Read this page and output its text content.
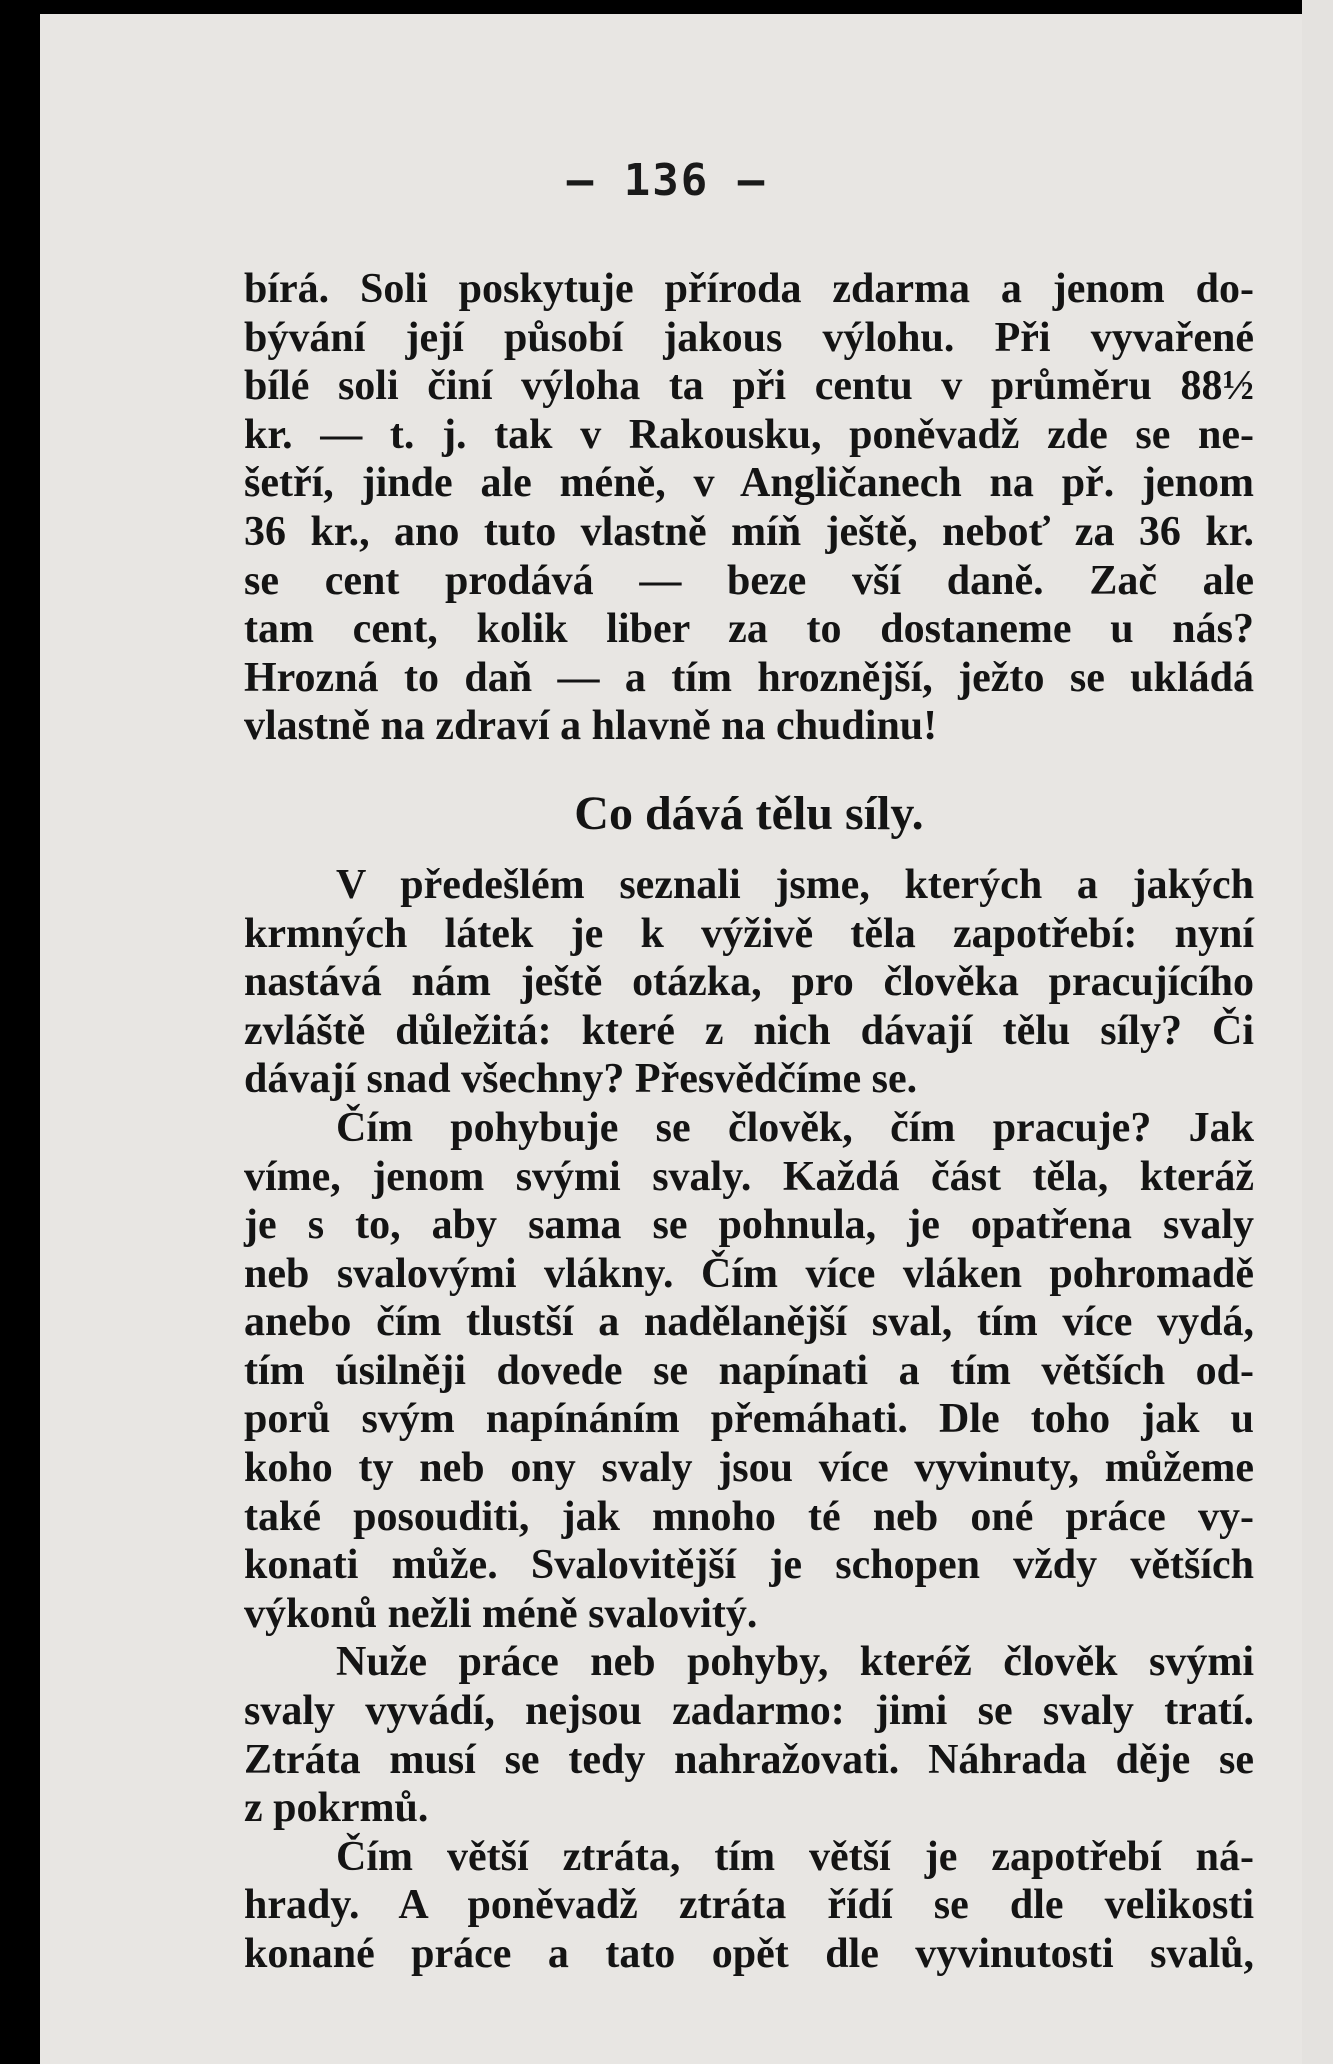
— 136 —
bírá. Soli poskytuje příroda zdarma a jenom do-
bývání její působí jakous výlohu. Při vyvařené
bílé soli činí výloha ta při centu v průměru 88½
kr. — t. j. tak v Rakousku, poněvadž zde se ne-
šetří, jinde ale méně, v Angličanech na př. jenom
36 kr., ano tuto vlastně míň ještě, neboť za 36 kr.
se cent prodává — beze vší daně. Zač ale
tam cent, kolik liber za to dostaneme u nás?
Hrozná to daň — a tím hroznější, ježto se ukládá
vlastně na zdraví a hlavně na chudinu!
Co dává tělu síly.
V předešlém seznali jsme, kterých a jakých
krmných látek je k výživě těla zapotřebí: nyní
nastává nám ještě otázka, pro člověka pracujícího
zvláště důležitá: které z nich dávají tělu síly? Či
dávají snad všechny? Přesvědčíme se.
Čím pohybuje se člověk, čím pracuje? Jak
víme, jenom svými svaly. Každá část těla, kteráž
je s to, aby sama se pohnula, je opatřena svaly
neb svalovými vlákny. Čím více vláken pohromadě
anebo čím tlustší a nadělanější sval, tím více vydá,
tím úsilněji dovede se napínati a tím větších od-
porů svým napínáním přemáhati. Dle toho jak u
koho ty neb ony svaly jsou více vyvinuty, můžeme
také posouditi, jak mnoho té neb oné práce vy-
konati může. Svalovitější je schopen vždy větších
výkonů nežli méně svalovitý.
Nuže práce neb pohyby, kteréž člověk svými
svaly vyvádí, nejsou zadarmo: jimi se svaly tratí.
Ztráta musí se tedy nahražovati. Náhrada děje se
z pokrmů.
Čím větší ztráta, tím větší je zapotřebí ná-
hrady. A poněvadž ztráta řídí se dle velikosti
konané práce a tato opět dle vyvinutosti svalů,
